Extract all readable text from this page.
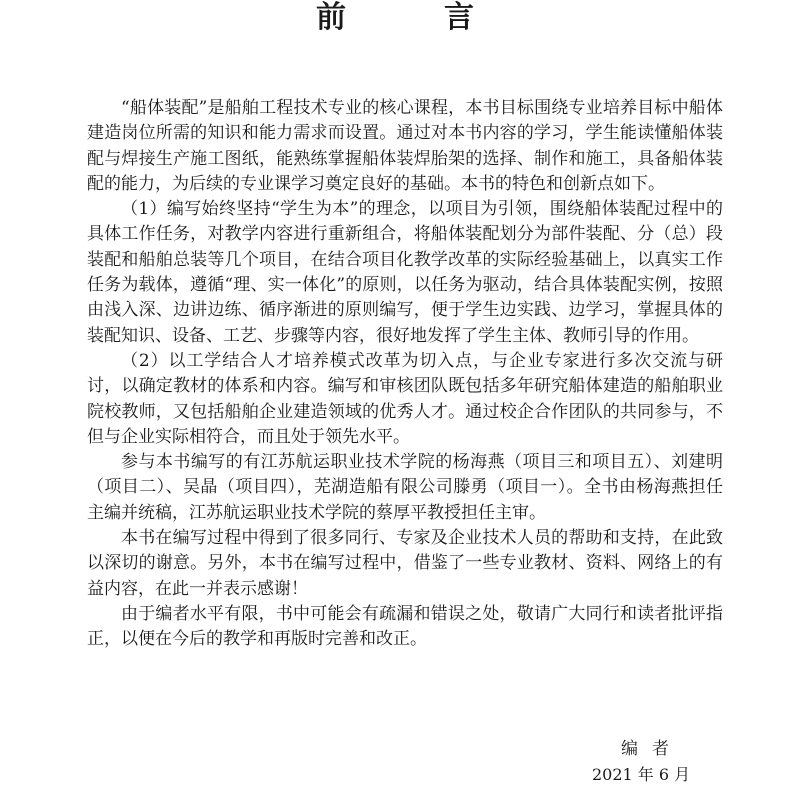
前　言

“船体装配”是船舶工程技术专业的核心课程，本书目标围绕专业培养目标中船体建造岗位所需的知识和能力需求而设置。通过对本书内容的学习，学生能读懂船体装配与焊接生产施工图纸，能熟练掌握船体装焊胎架的选择、制作和施工，具备船体装配的能力，为后续的专业课学习奠定良好的基础。本书的特色和创新点如下。

（1）编写始终坚持“学生为本”的理念，以项目为引领，围绕船体装配过程中的具体工作任务，对教学内容进行重新组合，将船体装配划分为部件装配、分（总）段装配和船舶总装等几个项目，在结合项目化教学改革的实际经验基础上，以真实工作任务为载体，遵循“理、实一体化”的原则，以任务为驱动，结合具体装配实例，按照由浅入深、边讲边练、循序渐进的原则编写，便于学生边实践、边学习，掌握具体的装配知识、设备、工艺、步骤等内容，很好地发挥了学生主体、教师引导的作用。

（2）以工学结合人才培养模式改革为切入点，与企业专家进行多次交流与研讨，以确定教材的体系和内容。编写和审核团队既包括多年研究船体建造的船舶职业院校教师，又包括船舶企业建造领域的优秀人才。通过校企合作团队的共同参与，不但与企业实际相符合，而且处于领先水平。

参与本书编写的有江苏航运职业技术学院的杨海燕（项目三和项目五）、刘建明（项目二）、吴晶（项目四），芜湖造船有限公司滕勇（项目一）。全书由杨海燕担任主编并统稿，江苏航运职业技术学院的蔡厚平教授担任主审。

本书在编写过程中得到了很多同行、专家及企业技术人员的帮助和支持，在此致以深切的谢意。另外，本书在编写过程中，借鉴了一些专业教材、资料、网络上的有益内容，在此一并表示感谢！

由于编者水平有限，书中可能会有疏漏和错误之处，敬请广大同行和读者批评指正，以便在今后的教学和再版时完善和改正。

编者
2021 年 6 月
